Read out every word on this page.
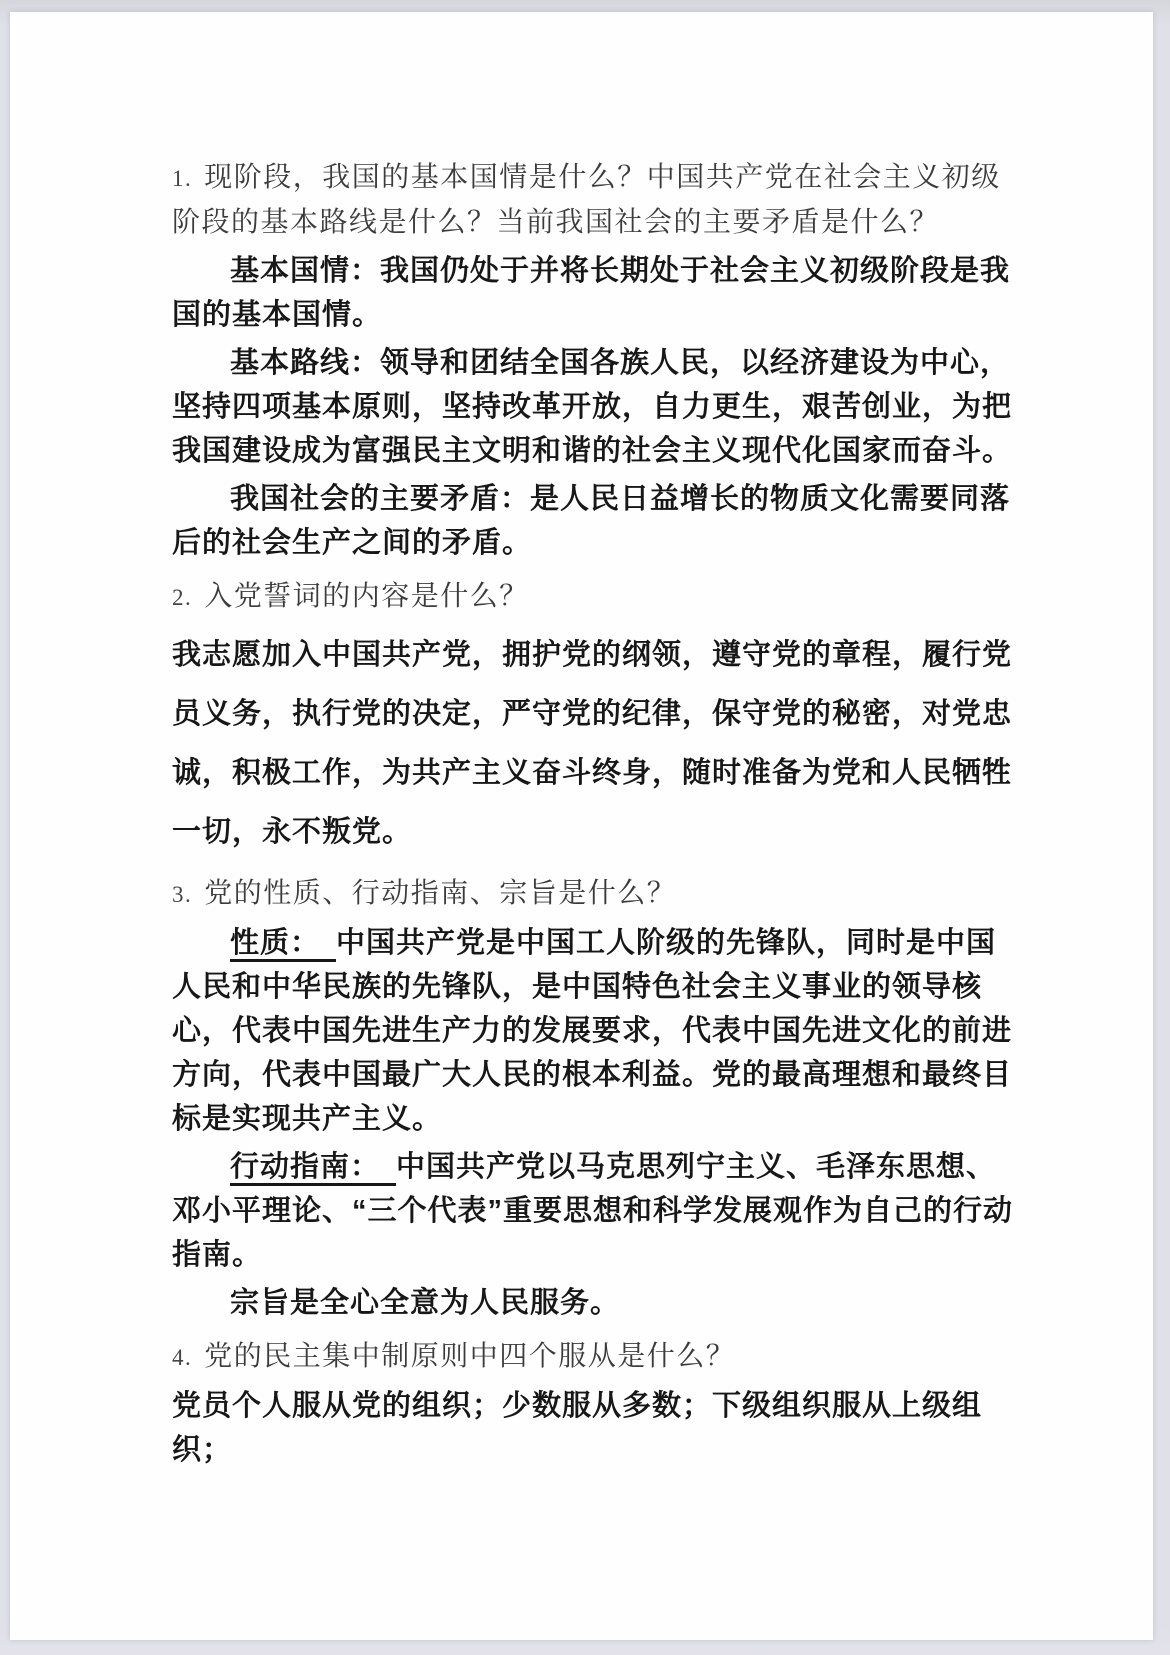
1. 现阶段，我国的基本国情是什么？中国共产党在社会主义初级阶段的基本路线是什么？当前我国社会的主要矛盾是什么？

基本国情：我国仍处于并将长期处于社会主义初级阶段是我国的基本国情。

基本路线：领导和团结全国各族人民，以经济建设为中心，坚持四项基本原则，坚持改革开放，自力更生，艰苦创业，为把我国建设成为富强民主文明和谐的社会主义现代化国家而奋斗。

我国社会的主要矛盾：是人民日益增长的物质文化需要同落后的社会生产之间的矛盾。

2. 入党誓词的内容是什么？

我志愿加入中国共产党，拥护党的纲领，遵守党的章程，履行党员义务，执行党的决定，严守党的纪律，保守党的秘密，对党忠诚，积极工作，为共产主义奋斗终身，随时准备为党和人民牺牲一切，永不叛党。

3. 党的性质、行动指南、宗旨是什么？

性质： 中国共产党是中国工人阶级的先锋队，同时是中国人民和中华民族的先锋队，是中国特色社会主义事业的领导核心，代表中国先进生产力的发展要求，代表中国先进文化的前进方向，代表中国最广大人民的根本利益。党的最高理想和最终目标是实现共产主义。

行动指南： 中国共产党以马克思列宁主义、毛泽东思想、邓小平理论、“三个代表”重要思想和科学发展观作为自己的行动指南。

宗旨是全心全意为人民服务。

4. 党的民主集中制原则中四个服从是什么？

党员个人服从党的组织；少数服从多数；下级组织服从上级组织；
